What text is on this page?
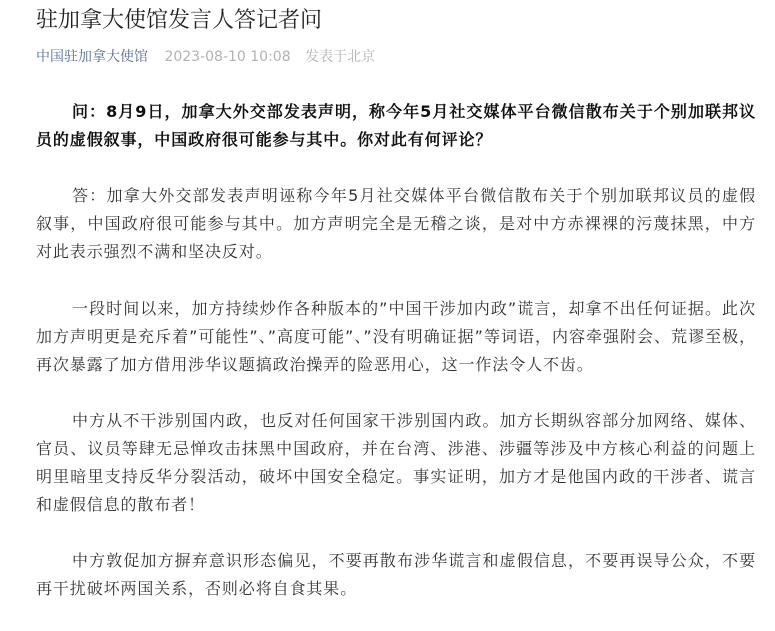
驻加拿大使馆发言人答记者问
中国驻加拿大使馆 2023-08-10 10:08 发表于北京

问：8月9日，加拿大外交部发表声明，称今年5月社交媒体平台微信散布关于个别加联邦议员的虚假叙事，中国政府很可能参与其中。你对此有何评论？

答：加拿大外交部发表声明诬称今年5月社交媒体平台微信散布关于个别加联邦议员的虚假叙事，中国政府很可能参与其中。加方声明完全是无稽之谈，是对中方赤裸裸的污蔑抹黑，中方对此表示强烈不满和坚决反对。

一段时间以来，加方持续炒作各种版本的”中国干涉加内政”谎言，却拿不出任何证据。此次加方声明更是充斥着”可能性”、”高度可能”、”没有明确证据”等词语，内容牵强附会、荒谬至极，再次暴露了加方借用涉华议题搞政治操弄的险恶用心，这一作法令人不齿。

中方从不干涉别国内政，也反对任何国家干涉别国内政。加方长期纵容部分加网络、媒体、官员、议员等肆无忌惮攻击抹黑中国政府，并在台湾、涉港、涉疆等涉及中方核心利益的问题上明里暗里支持反华分裂活动，破坏中国安全稳定。事实证明，加方才是他国内政的干涉者、谎言和虚假信息的散布者！

中方敦促加方摒弃意识形态偏见，不要再散布涉华谎言和虚假信息，不要再误导公众，不要再干扰破坏两国关系，否则必将自食其果。
